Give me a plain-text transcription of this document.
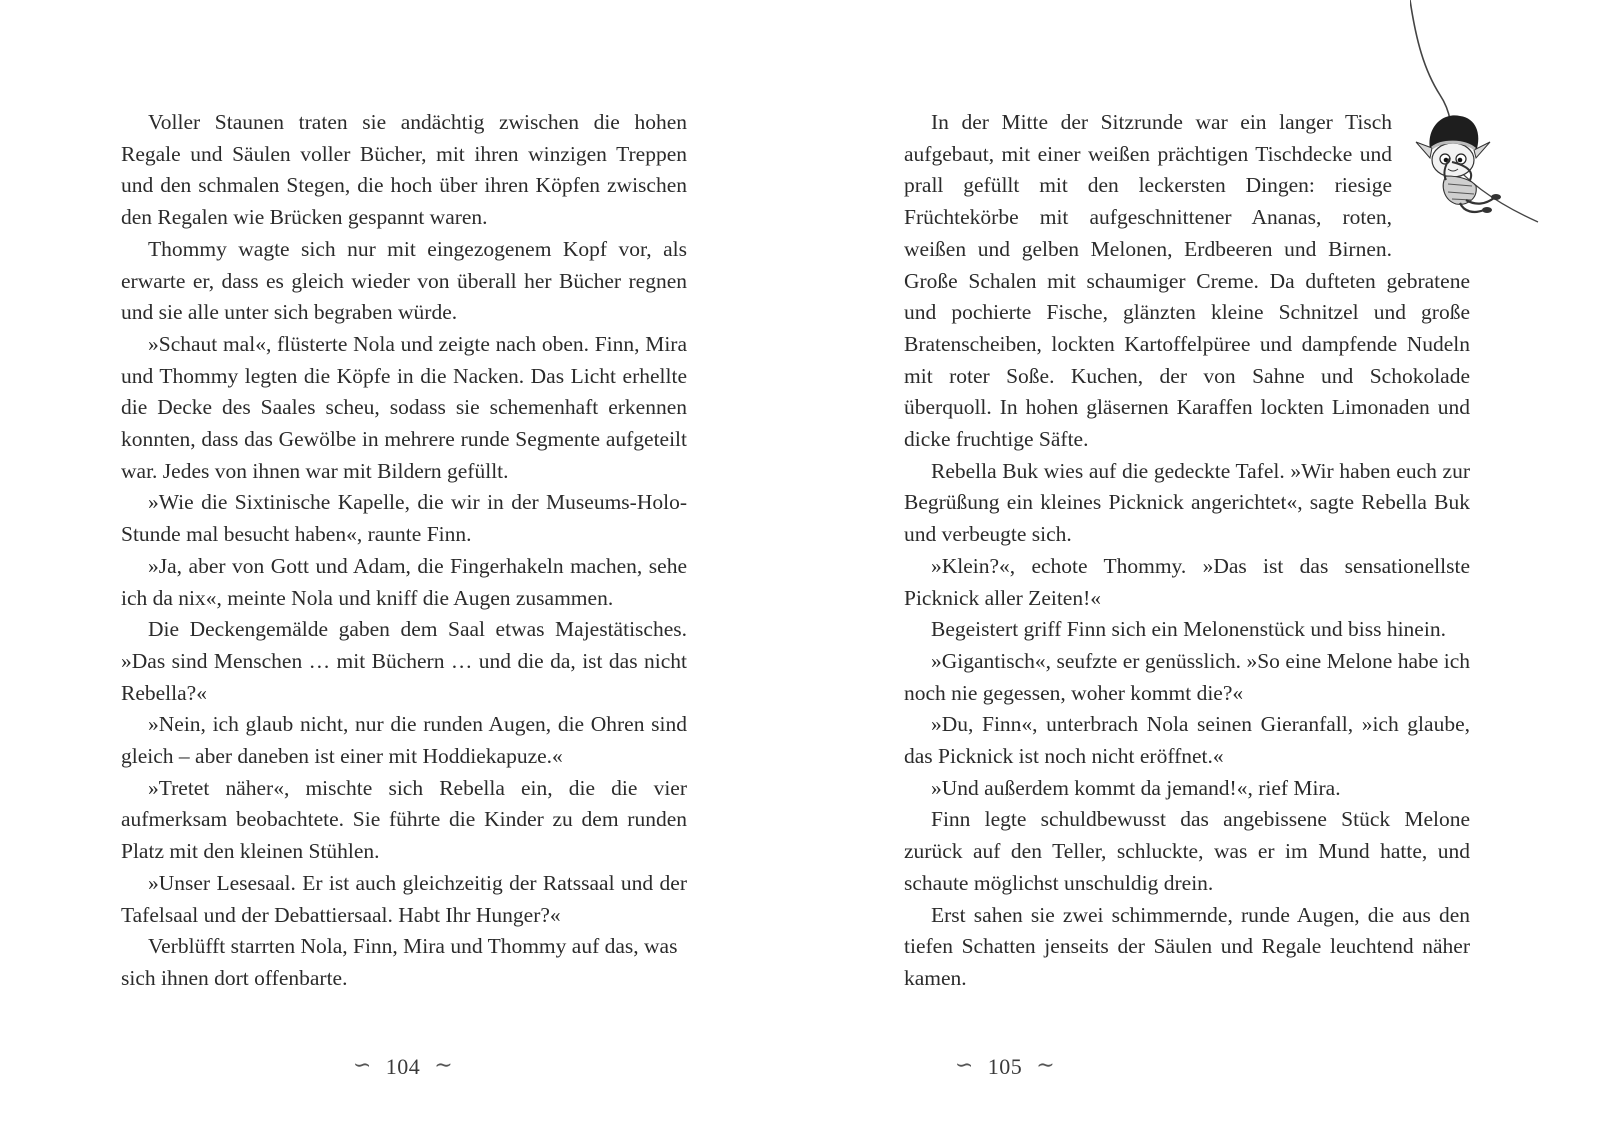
Voller Staunen traten sie andächtig zwischen die hohen Regale und Säulen voller Bücher, mit ihren winzigen Treppen und den schmalen Stegen, die hoch über ihren Köpfen zwischen den Regalen wie Brücken gespannt waren.

Thommy wagte sich nur mit eingezogenem Kopf vor, als erwarte er, dass es gleich wieder von überall her Bücher regnen und sie alle unter sich begraben würde.

»Schaut mal«, flüsterte Nola und zeigte nach oben. Finn, Mira und Thommy legten die Köpfe in die Nacken. Das Licht erhellte die Decke des Saales scheu, sodass sie schemenhaft erkennen konnten, dass das Gewölbe in mehrere runde Segmente aufgeteilt war. Jedes von ihnen war mit Bildern gefüllt.

»Wie die Sixtinische Kapelle, die wir in der Museums-Holo-Stunde mal besucht haben«, raunte Finn.

»Ja, aber von Gott und Adam, die Fingerhakeln machen, sehe ich da nix«, meinte Nola und kniff die Augen zusammen.

Die Deckengemälde gaben dem Saal etwas Majestätisches. »Das sind Menschen … mit Büchern … und die da, ist das nicht Rebella?«

»Nein, ich glaub nicht, nur die runden Augen, die Ohren sind gleich – aber daneben ist einer mit Hoddiekapuze.«

»Tretet näher«, mischte sich Rebella ein, die die vier aufmerksam beobachtete. Sie führte die Kinder zu dem runden Platz mit den kleinen Stühlen.

»Unser Lesesaal. Er ist auch gleichzeitig der Ratssaal und der Tafelsaal und der Debattiersaal. Habt Ihr Hunger?«

Verblüfft starrten Nola, Finn, Mira und Thommy auf das, was sich ihnen dort offenbarte.

∽ 104 ∼

In der Mitte der Sitzrunde war ein langer Tisch aufgebaut, mit einer weißen prächtigen Tischdecke und prall gefüllt mit den leckersten Dingen: riesige Früchtekörbe mit aufgeschnittener Ananas, roten, weißen und gelben Melonen, Erdbeeren und Birnen. Große Schalen mit schaumiger Creme. Da dufteten gebratene und pochierte Fische, glänzten kleine Schnitzel und große Bratenscheiben, lockten Kartoffelpüree und dampfende Nudeln mit roter Soße. Kuchen, der von Sahne und Schokolade überquoll. In hohen gläsernen Karaffen lockten Limonaden und dicke fruchtige Säfte.

Rebella Buk wies auf die gedeckte Tafel. »Wir haben euch zur Begrüßung ein kleines Picknick angerichtet«, sagte Rebella Buk und verbeugte sich.

»Klein?«, echote Thommy. »Das ist das sensationellste Picknick aller Zeiten!«

Begeistert griff Finn sich ein Melonenstück und biss hinein.

»Gigantisch«, seufzte er genüsslich. »So eine Melone habe ich noch nie gegessen, woher kommt die?«

»Du, Finn«, unterbrach Nola seinen Gieranfall, »ich glaube, das Picknick ist noch nicht eröffnet.«

»Und außerdem kommt da jemand!«, rief Mira.

Finn legte schuldbewusst das angebissene Stück Melone zurück auf den Teller, schluckte, was er im Mund hatte, und schaute möglichst unschuldig drein.

Erst sahen sie zwei schimmernde, runde Augen, die aus den tiefen Schatten jenseits der Säulen und Regale leuchtend näher kamen.

∽ 105 ∼
